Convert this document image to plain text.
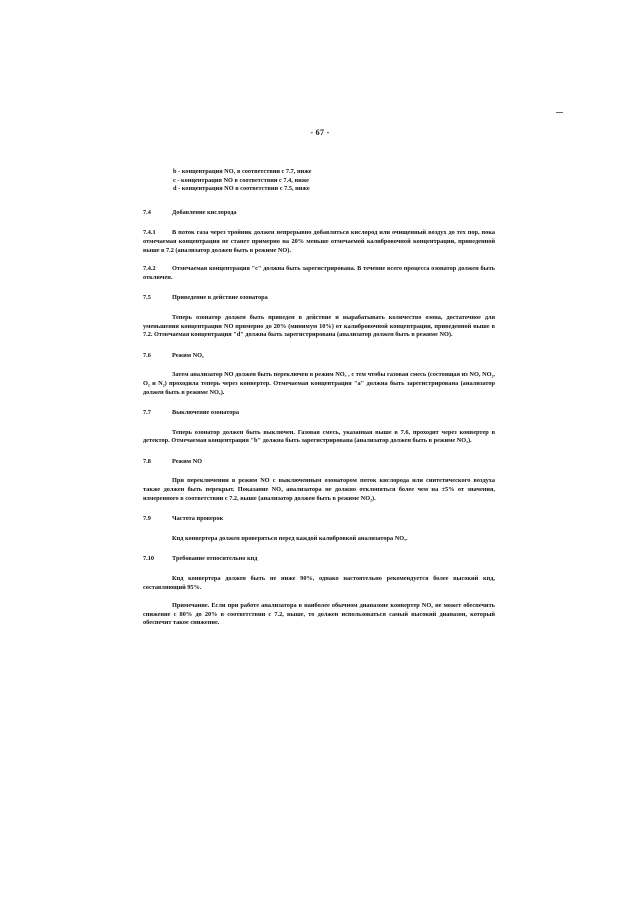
- 67 -
b - концентрация NOₓ в соответствии с 7.7, ниже
c - концентрация NO в соответствии с 7.4, ниже
d - концентрация NO в соответствии с 7.5, ниже
7.4	Добавление кислорода

7.4.1	В поток газа через тройник должен непрерывно добавляться кислород или очищенный воздух до тех пор, пока отмечаемая концентрация не станет примерно на 20% меньше отмечаемой калибровочной концентрации, приведенной выше в 7.2 (анализатор должен быть в режиме NO).

7.4.2	Отмечаемая концентрация "c" должна быть зарегистрирована. В течение всего процесса озонатор должен быть отключен.

7.5	Приведение в действие озонатора

Теперь озонатор должен быть приведен в действие и вырабатывать количество озона, достаточное для уменьшения концентрации NO примерно до 20% (минимум 10%) от калибровочной концентрации, приведенной выше в 7.2. Отмечаемая концентрация "d" должна быть зарегистрирована (анализатор должен быть в режиме NO).

7.6	Режим NOₓ

Затем анализатор NO должен быть переключен в режим NOₓ , с тем чтобы газовая смесь (состоящая из NO, NO₂, O₂ и N₂) проходила теперь через конвертер. Отмечаемая концентрация "a" должна быть зарегистрирована (анализатор должен быть в режиме NOₓ).

7.7	Выключение озонатора

Теперь озонатор должен быть выключен. Газовая смесь, указанная выше в 7.6, проходит через конвертер в детектор. Отмечаемая концентрация "b" должна быть зарегистрирована (анализатор должен быть в режиме NOₓ).

7.8	Режим NO

При переключении в режим NO с выключенным озонатором поток кислорода или синтетического воздуха также должен быть перекрыт. Показание NOₓ анализатора не должно отклоняться более чем на ±5% от значения, измеренного в соответствии с 7.2, выше (анализатор должен быть в режиме NO₂).

7.9	Частота проверок

Кпд конвертера должен проверяться перед каждой калибровкой анализатора NOₓ.

7.10	Требование относительно кпд

Кпд конвертера должен быть не ниже 90%, однако настоятельно рекомендуется более высокий кпд, составляющий 95%.

Примечание. Если при работе анализатора в наиболее обычном диапазоне конвертер NOₓ не может обеспечить снижение с 80% до 20% в соответствии с 7.2, выше, то должен использоваться самый высокий диапазон, который обеспечит такое снижение.
